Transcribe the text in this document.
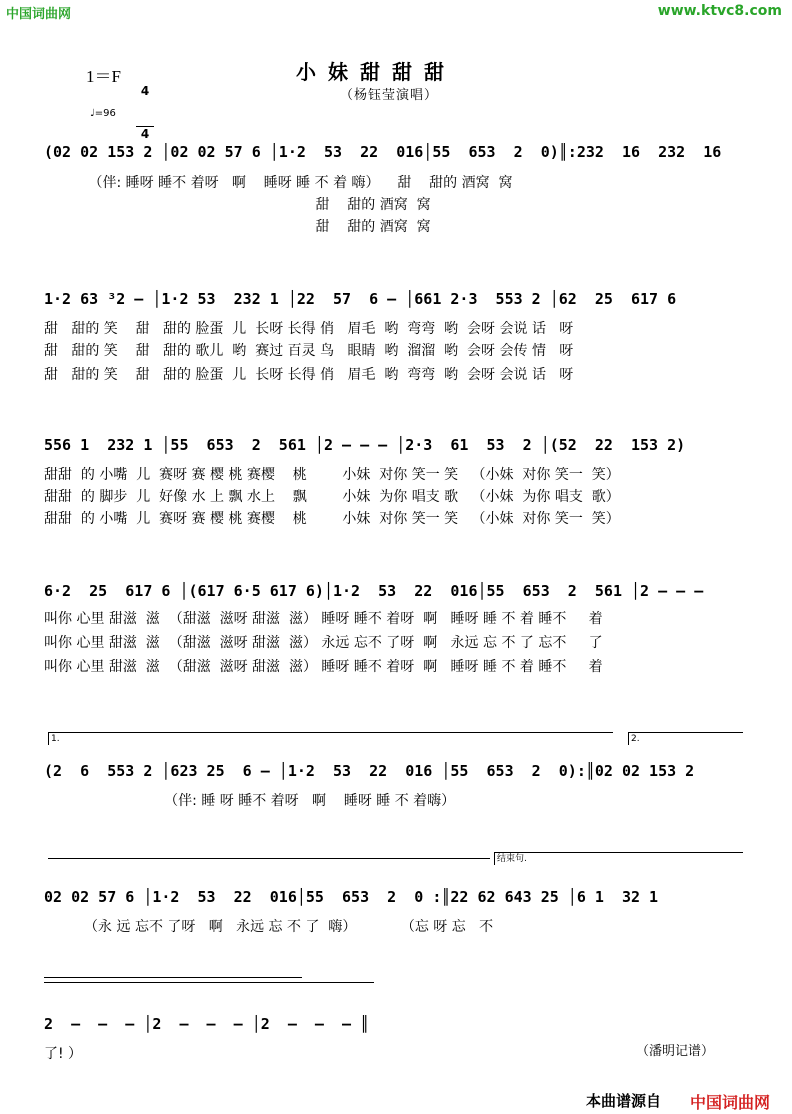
中国词曲网	www.ktvc8.com
1＝F

4

4

小妹甜甜甜
（杨钰莹演唱）
♩=96
(02 02 153 2 │02 02 57 6 │1·2  53  22  016│55  653  2  0)║:232  16  232  16
（伴: 睡呀 睡不 着呀   啊    睡呀 睡 不 着 嗨）    甜    甜的 酒窝  窝
甜    甜的 酒窝  窝
甜    甜的 酒窝  窝
1·2 63 ³2 – │1·2 53  232 1 │22  57  6 – │661 2·3  553 2 │62  25  617 6
甜   甜的 笑    甜   甜的 脸蛋  儿  长呀 长得 俏   眉毛  哟  弯弯  哟  会呀 会说 话   呀
甜   甜的 笑    甜   甜的 歌儿  哟  赛过 百灵 鸟   眼睛  哟  溜溜  哟  会呀 会传 情   呀
甜   甜的 笑    甜   甜的 脸蛋  儿  长呀 长得 俏   眉毛  哟  弯弯  哟  会呀 会说 话   呀
556 1  232 1 │55  653  2  561 │2 – – – │2·3  61  53  2 │(52  22  153 2)
甜甜  的 小嘴  儿  赛呀 赛 樱 桃 赛樱    桃        小妹  对你 笑一 笑   （小妹  对你 笑一  笑）
甜甜  的 脚步  儿  好像 水 上 飘 水上    飘        小妹  为你 唱支 歌   （小妹  为你 唱支  歌）
甜甜  的 小嘴  儿  赛呀 赛 樱 桃 赛樱    桃        小妹  对你 笑一 笑   （小妹  对你 笑一  笑）
6·2  25  617 6 │(617 6·5 617 6)│1·2  53  22  016│55  653  2  561 │2 – – –
叫你 心里 甜滋  滋  （甜滋  滋呀 甜滋  滋） 睡呀 睡不 着呀  啊   睡呀 睡 不 着 睡不     着
叫你 心里 甜滋  滋  （甜滋  滋呀 甜滋  滋） 永远 忘不 了呀  啊   永远 忘 不 了 忘不     了
叫你 心里 甜滋  滋  （甜滋  滋呀 甜滋  滋） 睡呀 睡不 着呀  啊   睡呀 睡 不 着 睡不     着
1.	2.
(2  6  553 2 │623 25  6 – │1·2  53  22  016 │55  653  2  0):║02 02 153 2
（伴: 睡 呀 睡不 着呀   啊    睡呀 睡 不 着嗨）
结束句.
02 02 57 6 │1·2  53  22  016│55  653  2  0 :║22 62 643 25 │6 1  32 1
（永 远 忘不 了呀   啊   永远 忘 不 了  嗨）          （忘 呀 忘   不
2  –  –  – │2  –  –  – │2  –  –  – ║
了! ）	（潘明记谱）
本曲谱源自 中国词曲网
